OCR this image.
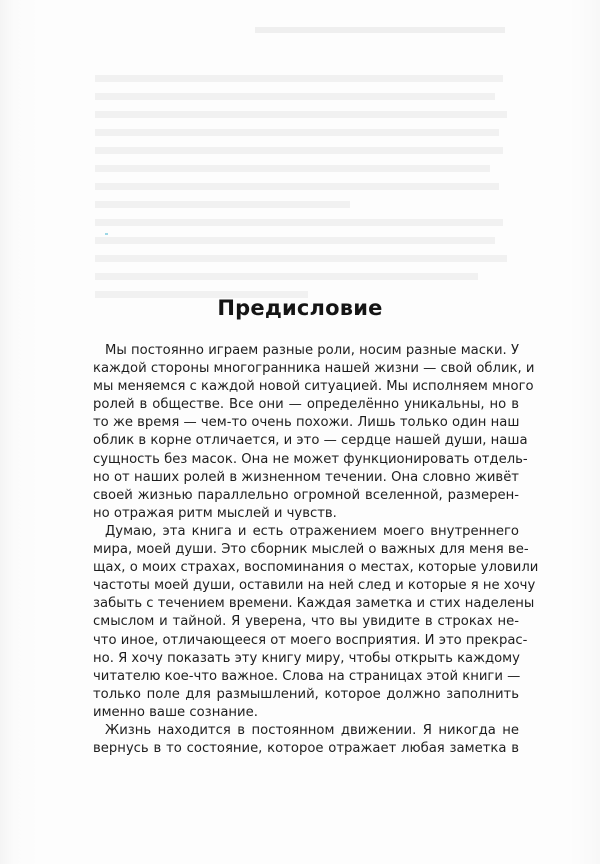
Предисловие

Мы постоянно играем разные роли, носим разные маски. У
каждой стороны многогранника нашей жизни — свой облик, и
мы меняемся с каждой новой ситуацией. Мы исполняем много
ролей в обществе. Все они — определённо уникальны, но в
то же время — чем-то очень похожи. Лишь только один наш
облик в корне отличается, и это — сердце нашей души, наша
сущность без масок. Она не может функционировать отдель-
но от наших ролей в жизненном течении. Она словно живёт
своей жизнью параллельно огромной вселенной, размерен-
но отражая ритм мыслей и чувств.

Думаю, эта книга и есть отражением моего внутреннего
мира, моей души. Это сборник мыслей о важных для меня ве-
щах, о моих страхах, воспоминания о местах, которые уловили
частоты моей души, оставили на ней след и которые я не хочу
забыть с течением времени. Каждая заметка и стих наделены
смыслом и тайной. Я уверена, что вы увидите в строках не-
что иное, отличающееся от моего восприятия. И это прекрас-
но. Я хочу показать эту книгу миру, чтобы открыть каждому
читателю кое-что важное. Слова на страницах этой книги —
только поле для размышлений, которое должно заполнить
именно ваше сознание.

Жизнь находится в постоянном движении. Я никогда не
вернусь в то состояние, которое отражает любая заметка в
